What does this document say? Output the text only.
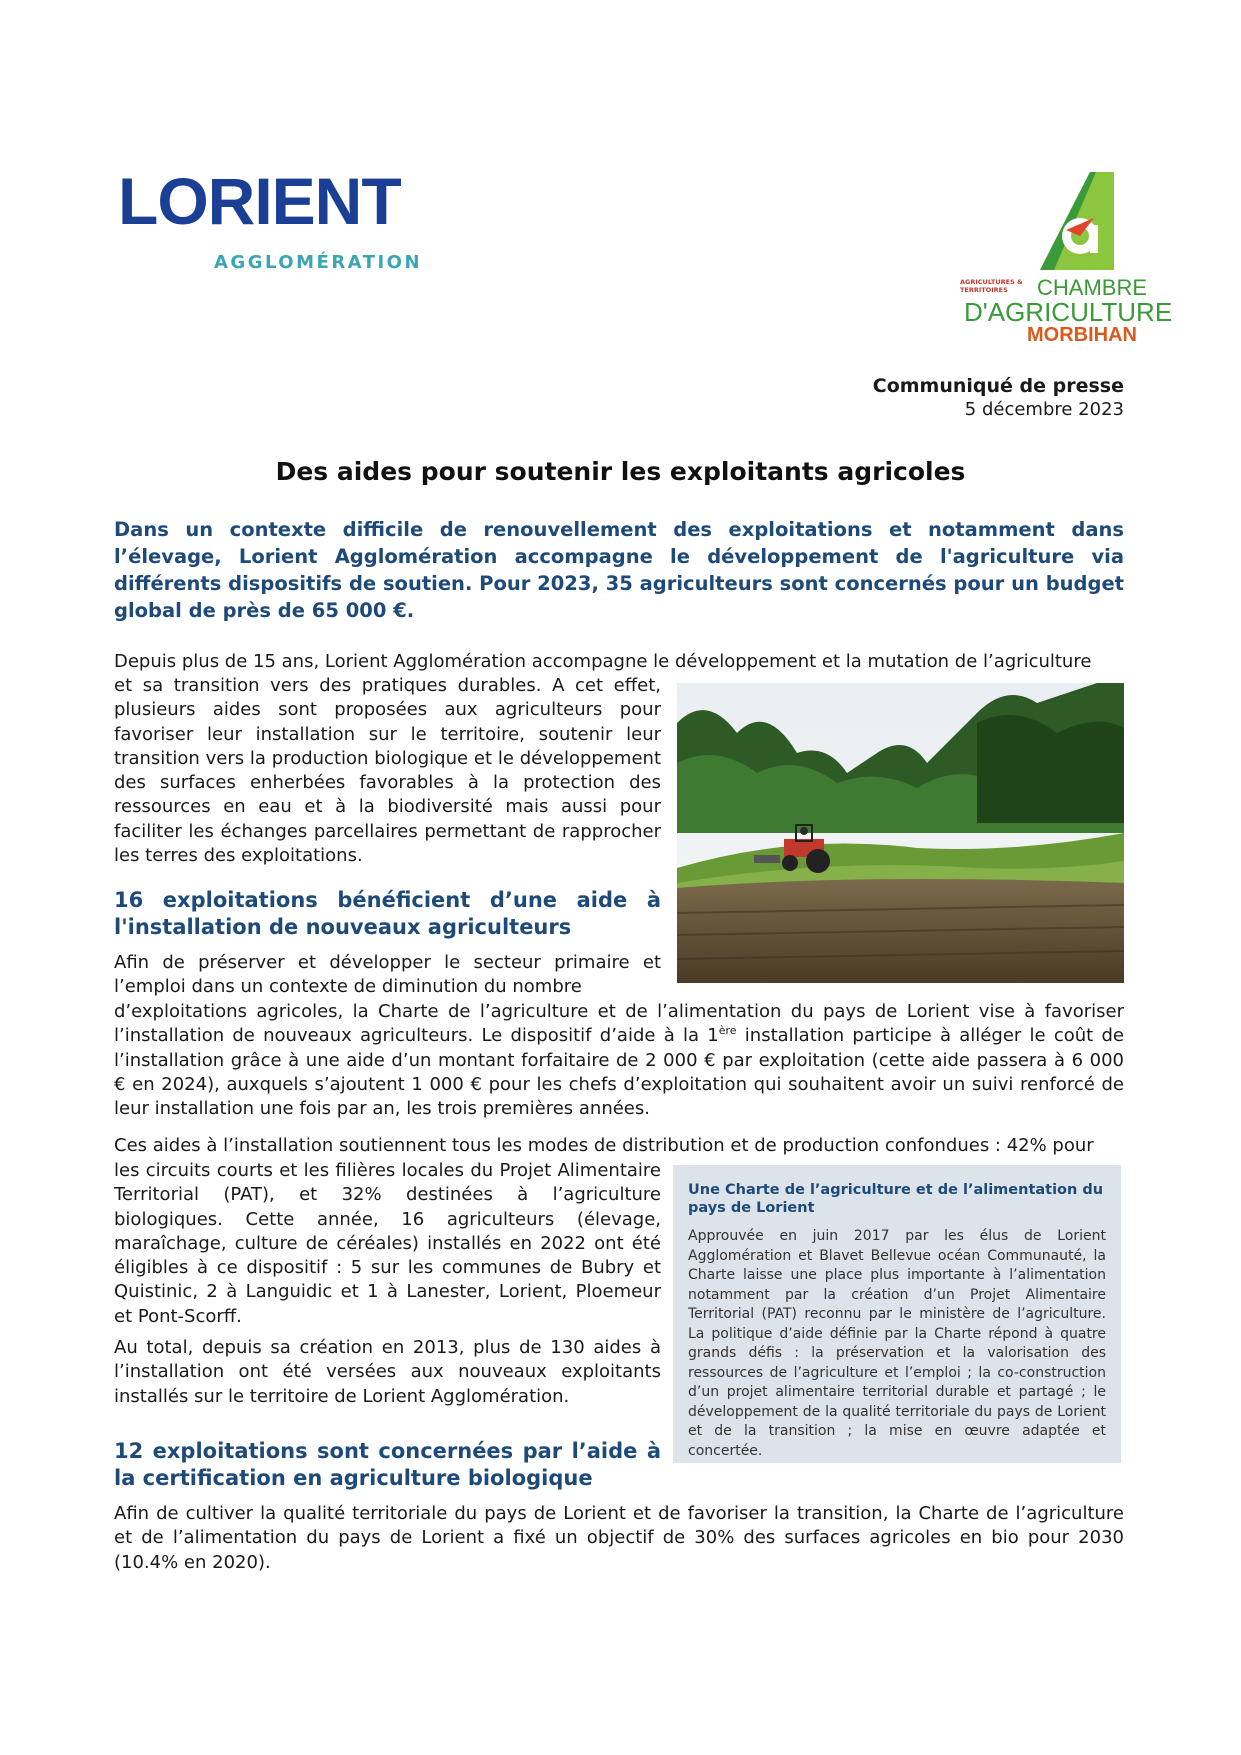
LORIENT
AGGLOMÉRATION
AGRICULTURES & TERRITOIRES	CHAMBRE
D'AGRICULTURE
MORBIHAN
Communiqué de presse
5 décembre 2023
Des aides pour soutenir les exploitants agricoles
Dans un contexte difficile de renouvellement des exploitations et notamment dans l’élevage, Lorient Agglomération accompagne le développement de l'agriculture via différents dispositifs de soutien. Pour 2023, 35 agriculteurs sont concernés pour un budget global de près de 65 000 €.
Depuis plus de 15 ans, Lorient Agglomération accompagne le développement et la mutation de l’agriculture
et sa transition vers des pratiques durables. A cet effet, plusieurs aides sont proposées aux agriculteurs pour favoriser leur installation sur le territoire, soutenir leur transition vers la production biologique et le développement des surfaces enherbées favorables à la protection des ressources en eau et à la biodiversité mais aussi pour faciliter les échanges parcellaires permettant de rapprocher les terres des exploitations.
16 exploitations bénéficient d’une aide à l'installation de nouveaux agriculteurs
Afin de préserver et développer le secteur primaire et l’emploi dans un contexte de diminution du nombre
d’exploitations agricoles, la Charte de l’agriculture et de l’alimentation du pays de Lorient vise à favoriser l’installation de nouveaux agriculteurs. Le dispositif d’aide à la 1ère installation participe à alléger le coût de l’installation grâce à une aide d’un montant forfaitaire de 2 000 € par exploitation (cette aide passera à 6 000 € en 2024), auxquels s’ajoutent 1 000 € pour les chefs d’exploitation qui souhaitent avoir un suivi renforcé de leur installation une fois par an, les trois premières années.
Ces aides à l’installation soutiennent tous les modes de distribution et de production confondues : 42% pour
les circuits courts et les filières locales du Projet Alimentaire Territorial (PAT), et 32% destinées à l’agriculture biologiques. Cette année, 16 agriculteurs (élevage, maraîchage, culture de céréales) installés en 2022 ont été éligibles à ce dispositif : 5 sur les communes de Bubry et Quistinic, 2 à Languidic et 1 à Lanester, Lorient, Ploemeur et Pont-Scorff.
Au total, depuis sa création en 2013, plus de 130 aides à l’installation ont été versées aux nouveaux exploitants installés sur le territoire de Lorient Agglomération.
Une Charte de l’agriculture et de l’alimentation du pays de Lorient
Approuvée en juin 2017 par les élus de Lorient Agglomération et Blavet Bellevue océan Communauté, la Charte laisse une place plus importante à l’alimentation notamment par la création d’un Projet Alimentaire Territorial (PAT) reconnu par le ministère de l’agriculture. La politique d’aide définie par la Charte répond à quatre grands défis : la préservation et la valorisation des ressources de l’agriculture et l’emploi ; la co-construction d’un projet alimentaire territorial durable et partagé ; le développement de la qualité territoriale du pays de Lorient et de la transition ; la mise en œuvre adaptée et concertée.
12 exploitations sont concernées par l’aide à la certification en agriculture biologique
Afin de cultiver la qualité territoriale du pays de Lorient et de favoriser la transition, la Charte de l’agriculture et de l’alimentation du pays de Lorient a fixé un objectif de 30% des surfaces agricoles en bio pour 2030 (10.4% en 2020).
